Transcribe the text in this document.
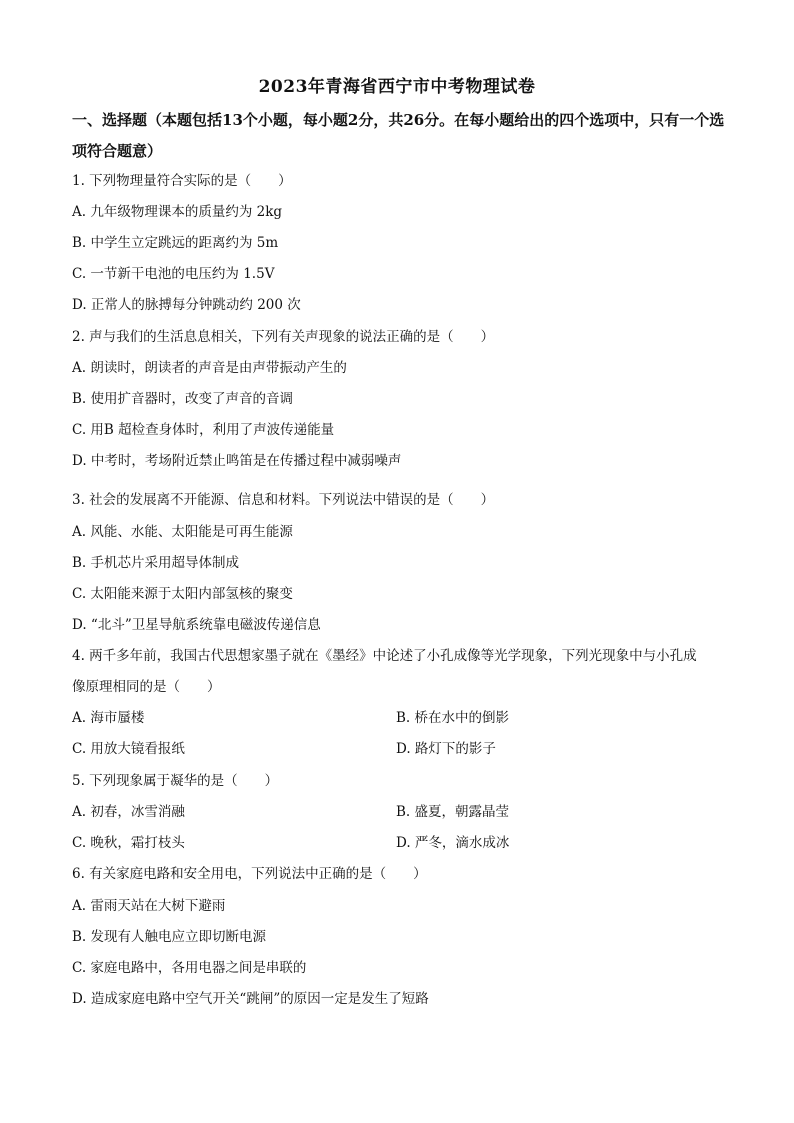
2023年青海省西宁市中考物理试卷
一、选择题（本题包括13个小题，每小题2分，共26分。在每小题给出的四个选项中，只有一个选项符合题意）
1. 下列物理量符合实际的是（　　）
A. 九年级物理课本的质量约为 2kg
B. 中学生立定跳远的距离约为 5m
C. 一节新干电池的电压约为 1.5V
D. 正常人的脉搏每分钟跳动约 200 次
2. 声与我们的生活息息相关，下列有关声现象的说法正确的是（　　）
A. 朗读时，朗读者的声音是由声带振动产生的
B. 使用扩音器时，改变了声音的音调
C. 用B 超检查身体时，利用了声波传递能量
D. 中考时，考场附近禁止鸣笛是在传播过程中减弱噪声
3. 社会的发展离不开能源、信息和材料。下列说法中错误的是（　　）
A. 风能、水能、太阳能是可再生能源
B. 手机芯片采用超导体制成
C. 太阳能来源于太阳内部氢核的聚变
D. “北斗”卫星导航系统靠电磁波传递信息
4. 两千多年前，我国古代思想家墨子就在《墨经》中论述了小孔成像等光学现象，下列光现象中与小孔成
像原理相同的是（　　）
A. 海市蜃楼	B. 桥在水中的倒影
C. 用放大镜看报纸	D. 路灯下的影子
5. 下列现象属于凝华的是（　　）
A. 初春，冰雪消融	B. 盛夏，朝露晶莹
C. 晚秋，霜打枝头	D. 严冬，滴水成冰
6. 有关家庭电路和安全用电，下列说法中正确的是（　　）
A. 雷雨天站在大树下避雨
B. 发现有人触电应立即切断电源
C. 家庭电路中，各用电器之间是串联的
D. 造成家庭电路中空气开关“跳闸”的原因一定是发生了短路
